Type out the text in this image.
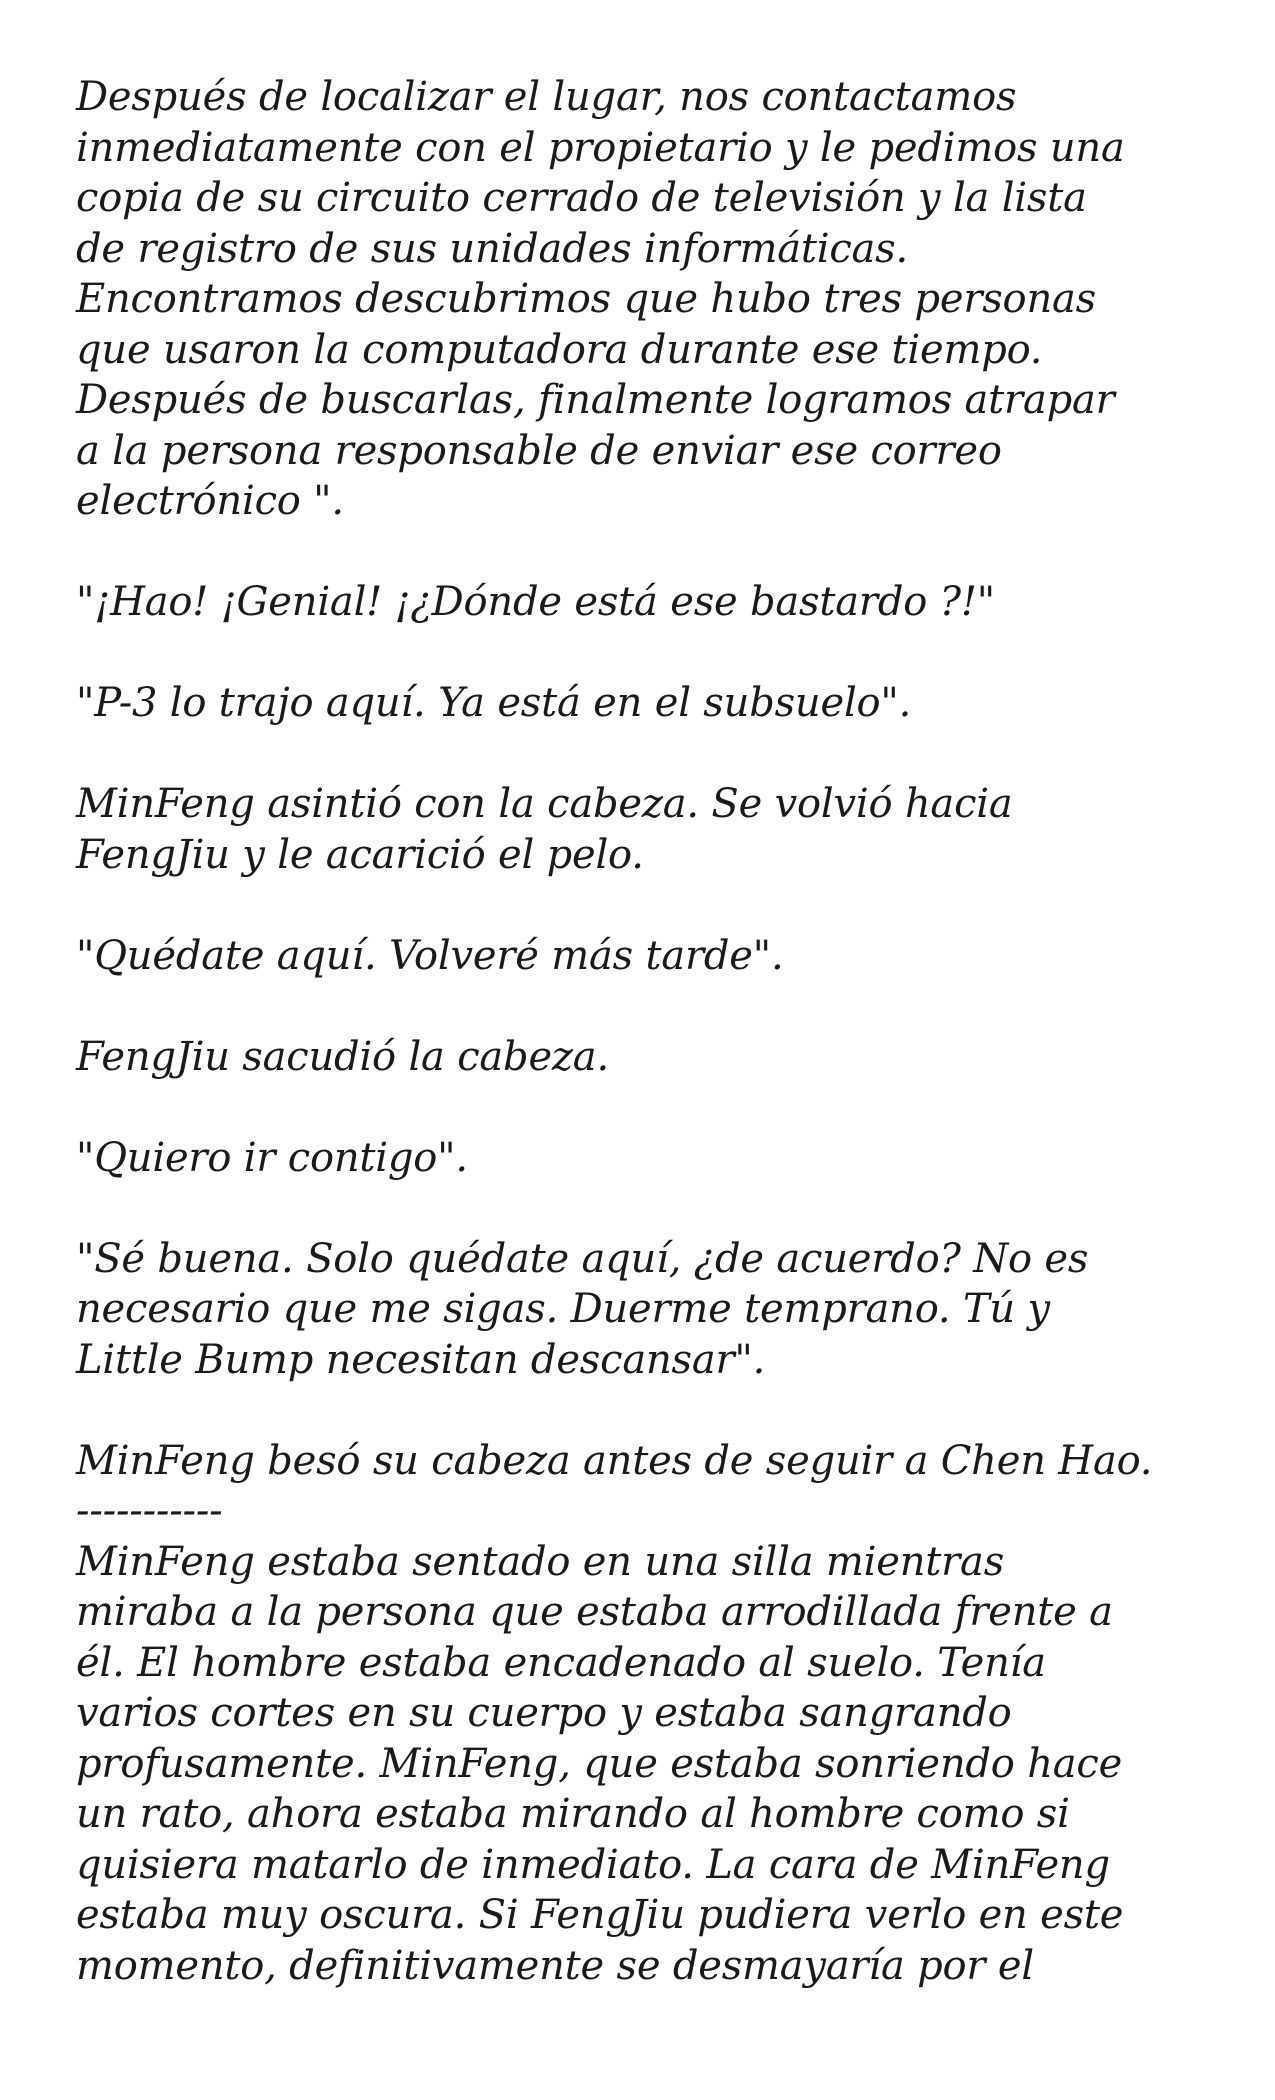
Después de localizar el lugar, nos contactamos
inmediatamente con el propietario y le pedimos una
copia de su circuito cerrado de televisión y la lista
de registro de sus unidades informáticas.
Encontramos descubrimos que hubo tres personas
que usaron la computadora durante ese tiempo.
Después de buscarlas, finalmente logramos atrapar
a la persona responsable de enviar ese correo
electrónico ".
"¡Hao! ¡Genial! ¡¿Dónde está ese bastardo ?!"
"P-3 lo trajo aquí. Ya está en el subsuelo".
MinFeng asintió con la cabeza. Se volvió hacia
FengJiu y le acarició el pelo.
"Quédate aquí. Volveré más tarde".
FengJiu sacudió la cabeza.
"Quiero ir contigo".
"Sé buena. Solo quédate aquí, ¿de acuerdo? No es
necesario que me sigas. Duerme temprano. Tú y
Little Bump necesitan descansar".
MinFeng besó su cabeza antes de seguir a Chen Hao.
-----------
MinFeng estaba sentado en una silla mientras
miraba a la persona que estaba arrodillada frente a
él. El hombre estaba encadenado al suelo. Tenía
varios cortes en su cuerpo y estaba sangrando
profusamente. MinFeng, que estaba sonriendo hace
un rato, ahora estaba mirando al hombre como si
quisiera matarlo de inmediato. La cara de MinFeng
estaba muy oscura. Si FengJiu pudiera verlo en este
momento, definitivamente se desmayaría por el
